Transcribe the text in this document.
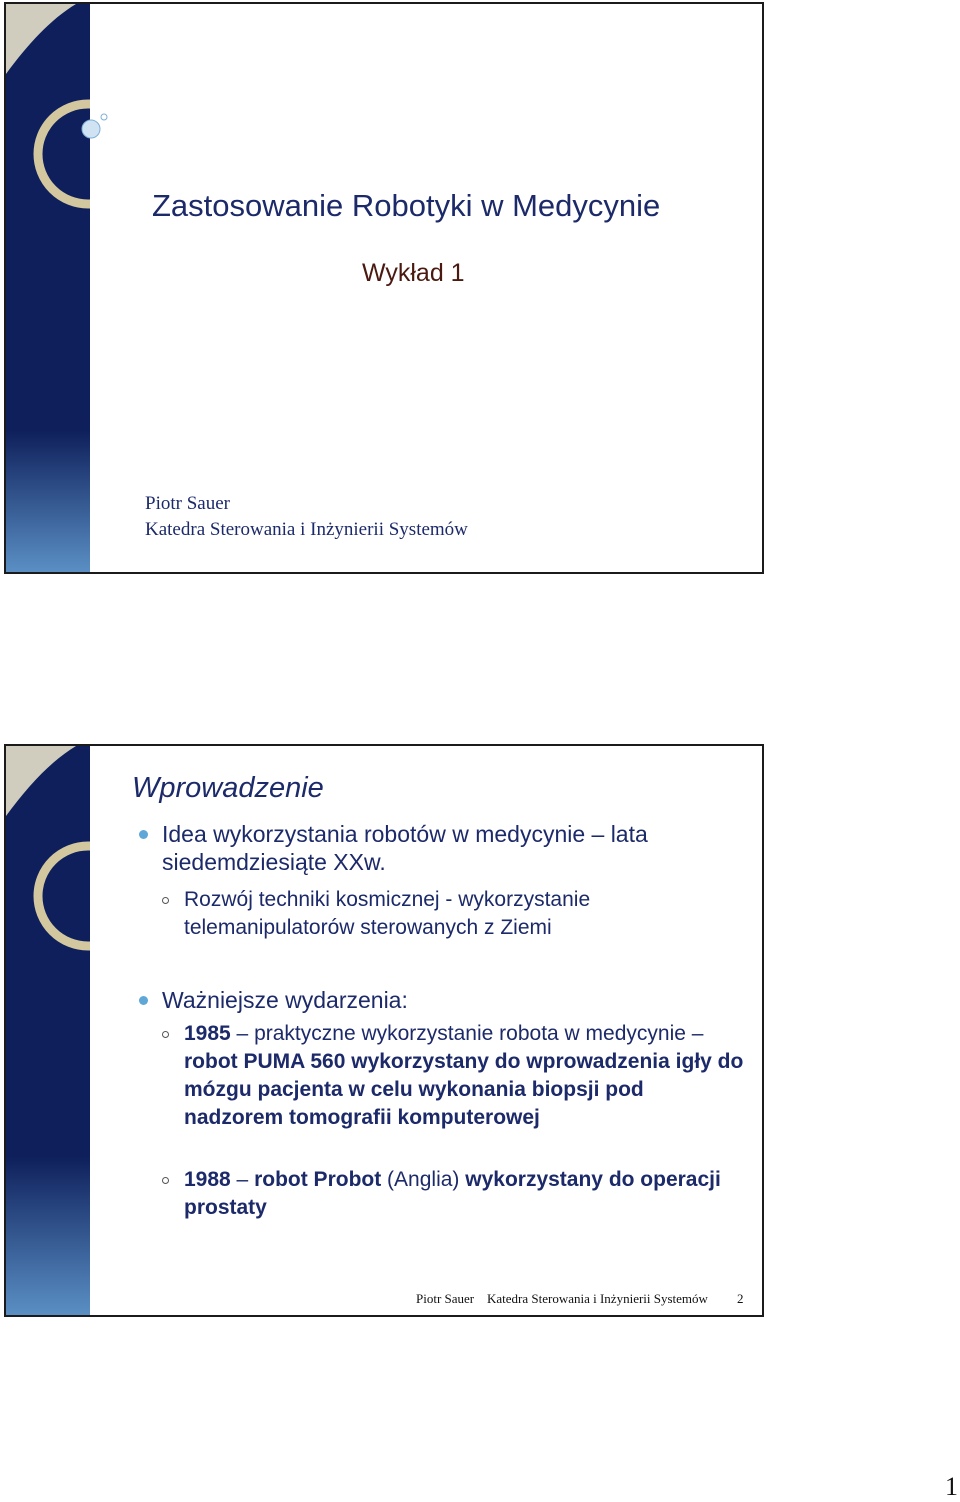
Zastosowanie Robotyki w Medycynie
Wykład 1
Piotr Sauer
Katedra Sterowania i Inżynierii Systemów
Wprowadzenie
Idea wykorzystania robotów w medycynie – lata siedemdziesiąte XXw.
Rozwój techniki kosmicznej - wykorzystanie telemanipulatorów sterowanych z Ziemi
Ważniejsze wydarzenia:
1985 – praktyczne wykorzystanie robota w medycynie – robot PUMA 560 wykorzystany do wprowadzenia igły do mózgu pacjenta w celu wykonania biopsji pod nadzorem tomografii komputerowej
1988 – robot Probot (Anglia) wykorzystany do operacji prostaty
Piotr Sauer Katedra Sterowania i Inżynierii Systemów 2
1
